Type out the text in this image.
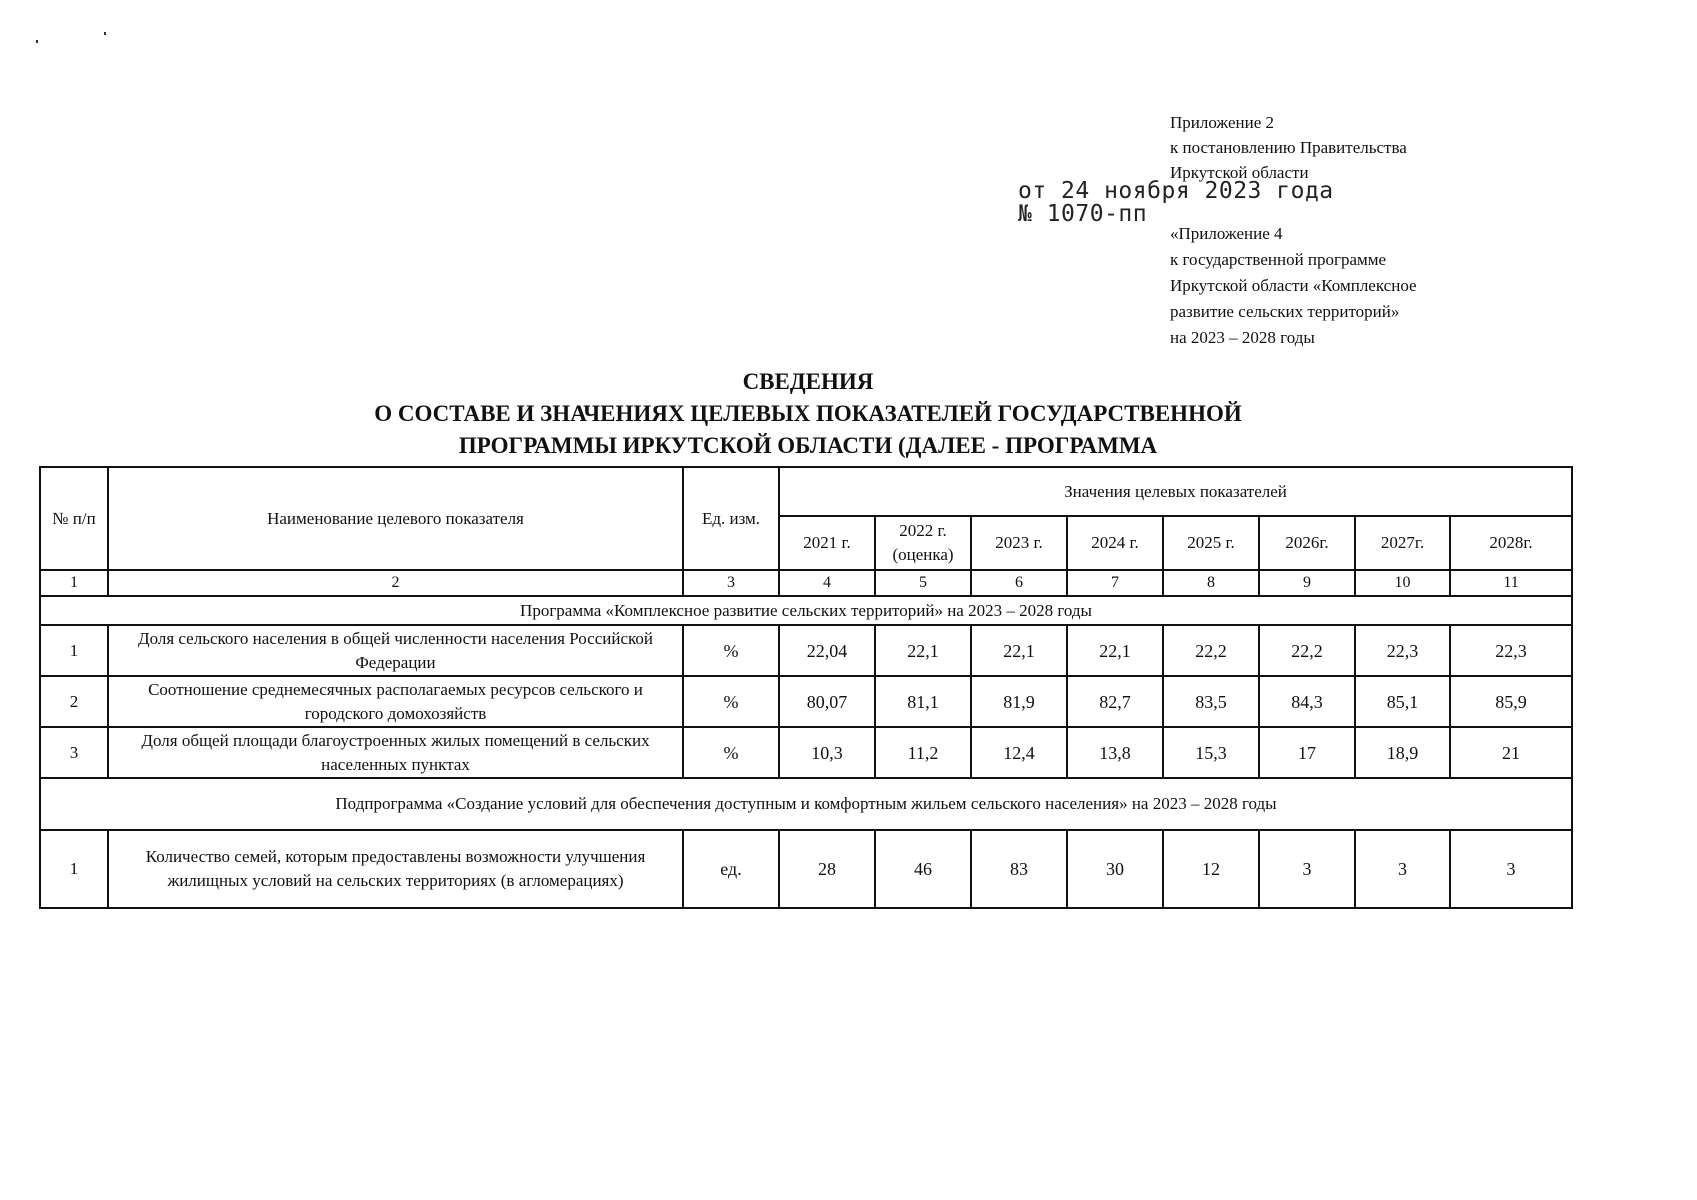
Приложение 2
к постановлению Правительства
Иркутской области
от 24 ноября 2023 года
№ 1070-пп
«Приложение 4
к государственной программе
Иркутской области «Комплексное
развитие сельских территорий»
на 2023 – 2028 годы
СВЕДЕНИЯ
О СОСТАВЕ И ЗНАЧЕНИЯХ ЦЕЛЕВЫХ ПОКАЗАТЕЛЕЙ ГОСУДАРСТВЕННОЙ
ПРОГРАММЫ ИРКУТСКОЙ ОБЛАСТИ (ДАЛЕЕ - ПРОГРАММА
№ п/п	Наименование целевого показателя	Ед. изм.	Значения целевых показателей							
			2021 г.	2022 г. (оценка)	2023 г.	2024 г.	2025 г.	2026г.	2027г.	2028г.
1	2	3	4	5	6	7	8	9	10	11
Программа «Комплексное развитие сельских территорий» на 2023 – 2028 годы										
1	Доля сельского населения в общей численности населения Российской Федерации	%	22,04	22,1	22,1	22,1	22,2	22,2	22,3	22,3
2	Соотношение среднемесячных располагаемых ресурсов сельского и городского домохозяйств	%	80,07	81,1	81,9	82,7	83,5	84,3	85,1	85,9
3	Доля общей площади благоустроенных жилых помещений в сельских населенных пунктах	%	10,3	11,2	12,4	13,8	15,3	17	18,9	21
Подпрограмма «Создание условий для обеспечения доступным и комфортным жильем сельского населения» на 2023 – 2028 годы										
1	Количество семей, которым предоставлены возможности улучшения жилищных условий на сельских территориях (в агломерациях)	ед.	28	46	83	30	12	3	3	3
